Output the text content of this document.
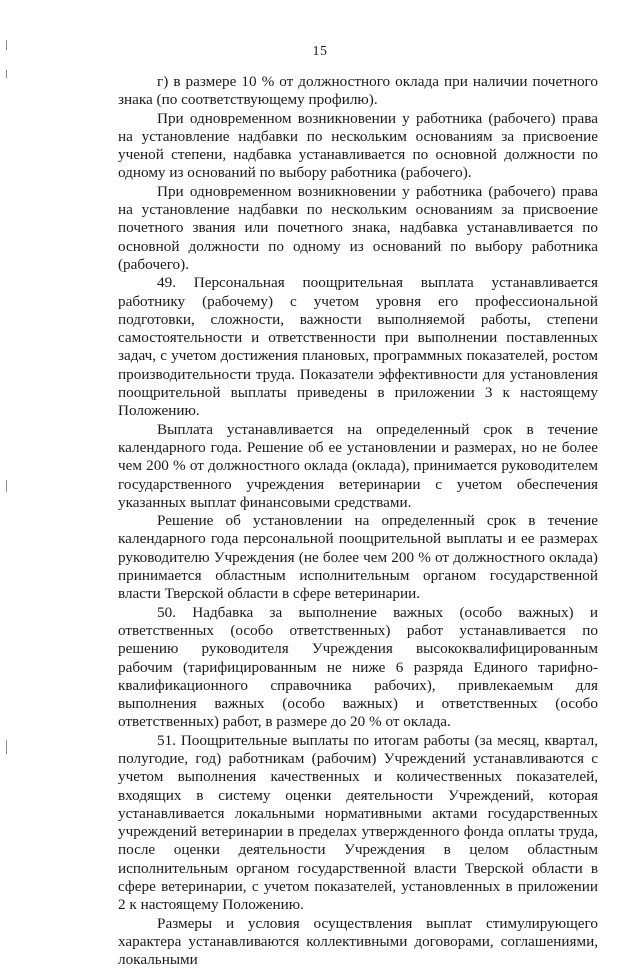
15

г) в размере 10 % от должностного оклада при наличии почетного знака (по соответствующему профилю).

При одновременном возникновении у работника (рабочего) права на установление надбавки по нескольким основаниям за присвоение ученой степени, надбавка устанавливается по основной должности по одному из оснований по выбору работника (рабочего).

При одновременном возникновении у работника (рабочего) права на установление надбавки по нескольким основаниям за присвоение почетного звания или почетного знака, надбавка устанавливается по основной должности по одному из оснований по выбору работника (рабочего).

49. Персональная поощрительная выплата устанавливается работнику (рабочему) с учетом уровня его профессиональной подготовки, сложности, важности выполняемой работы, степени самостоятельности и ответственности при выполнении поставленных задач, с учетом достижения плановых, программных показателей, ростом производительности труда. Показатели эффективности для установления поощрительной выплаты приведены в приложении 3 к настоящему Положению.

Выплата устанавливается на определенный срок в течение календарного года. Решение об ее установлении и размерах, но не более чем 200 % от должностного оклада (оклада), принимается руководителем государственного учреждения ветеринарии с учетом обеспечения указанных выплат финансовыми средствами.

Решение об установлении на определенный срок в течение календарного года персональной поощрительной выплаты и ее размерах руководителю Учреждения (не более чем 200 % от должностного оклада) принимается областным исполнительным органом государственной власти Тверской области в сфере ветеринарии.

50. Надбавка за выполнение важных (особо важных) и ответственных (особо ответственных) работ устанавливается по решению руководителя Учреждения высококвалифицированным рабочим (тарифицированным не ниже 6 разряда Единого тарифно-квалификационного справочника рабочих), привлекаемым для выполнения важных (особо важных) и ответственных (особо ответственных) работ, в размере до 20 % от оклада.

51. Поощрительные выплаты по итогам работы (за месяц, квартал, полугодие, год) работникам (рабочим) Учреждений устанавливаются с учетом выполнения качественных и количественных показателей, входящих в систему оценки деятельности Учреждений, которая устанавливается локальными нормативными актами государственных учреждений ветеринарии в пределах утвержденного фонда оплаты труда, после оценки деятельности Учреждения в целом областным исполнительным органом государственной власти Тверской области в сфере ветеринарии, с учетом показателей, установленных в приложении 2 к настоящему Положению.

Размеры и условия осуществления выплат стимулирующего характера устанавливаются коллективными договорами, соглашениями, локальными
